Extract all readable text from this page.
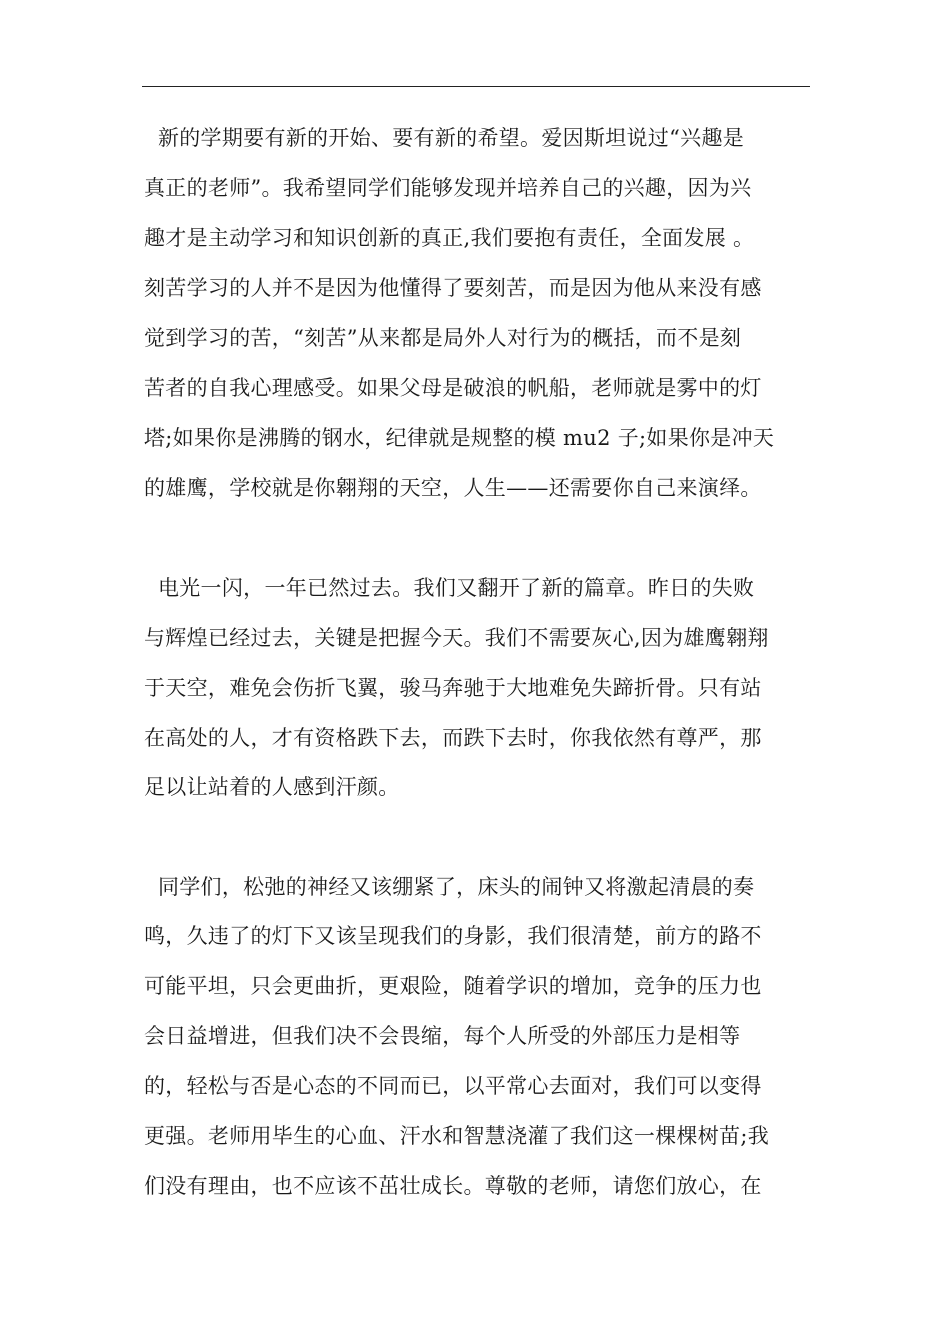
新的学期要有新的开始、要有新的希望。爱因斯坦说过“兴趣是
真正的老师”。我希望同学们能够发现并培养自己的兴趣，因为兴
趣才是主动学习和知识创新的真正,我们要抱有责任，全面发展 。
刻苦学习的人并不是因为他懂得了要刻苦，而是因为他从来没有感
觉到学习的苦，“刻苦”从来都是局外人对行为的概括，而不是刻
苦者的自我心理感受。如果父母是破浪的帆船，老师就是雾中的灯
塔;如果你是沸腾的钢水，纪律就是规整的模 mu2 子;如果你是冲天
的雄鹰，学校就是你翱翔的天空，人生——还需要你自己来演绎。
电光一闪，一年已然过去。我们又翻开了新的篇章。昨日的失败
与辉煌已经过去，关键是把握今天。我们不需要灰心,因为雄鹰翱翔
于天空，难免会伤折飞翼，骏马奔驰于大地难免失蹄折骨。只有站
在高处的人，才有资格跌下去，而跌下去时，你我依然有尊严，那
足以让站着的人感到汗颜。
同学们，松弛的神经又该绷紧了，床头的闹钟又将激起清晨的奏
鸣，久违了的灯下又该呈现我们的身影，我们很清楚，前方的路不
可能平坦，只会更曲折，更艰险，随着学识的增加，竞争的压力也
会日益增进，但我们决不会畏缩，每个人所受的外部压力是相等
的，轻松与否是心态的不同而已，以平常心去面对，我们可以变得
更强。老师用毕生的心血、汗水和智慧浇灌了我们这一棵棵树苗;我
们没有理由，也不应该不茁壮成长。尊敬的老师，请您们放心，在
